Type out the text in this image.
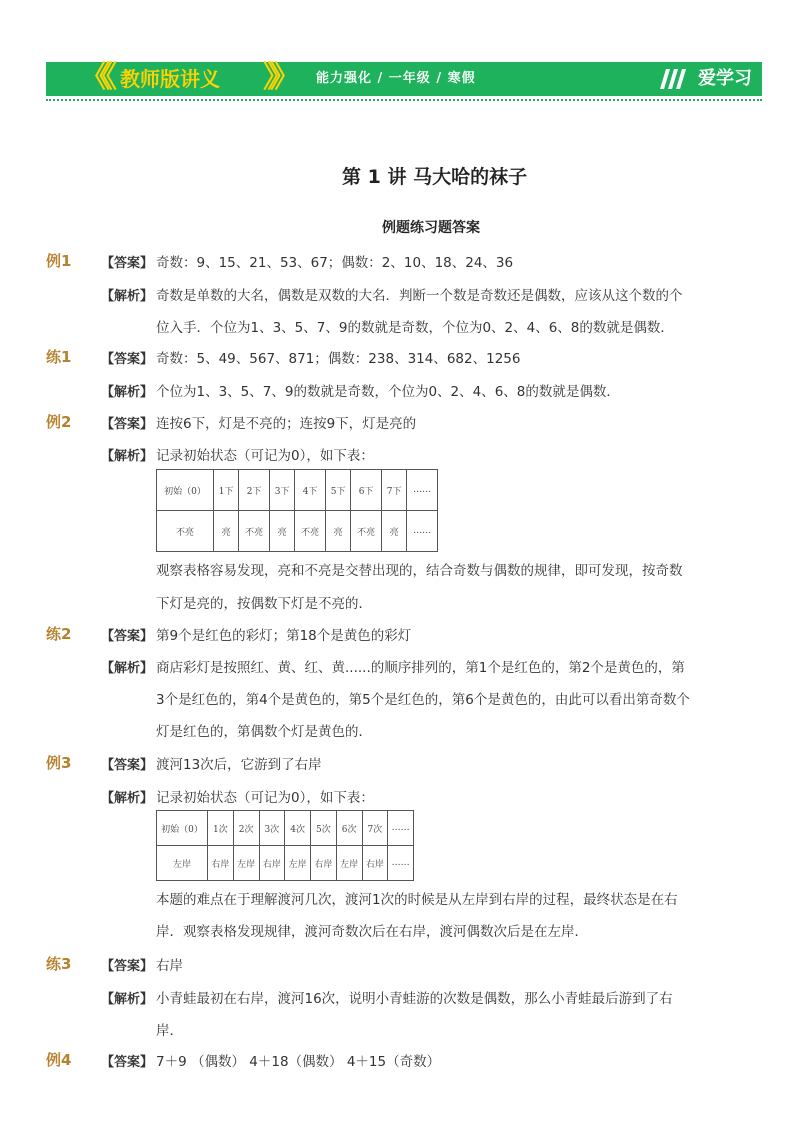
《《 教师版讲义 》》 能力强化 / 一年级 / 寒假	爱学习
第 1 讲 马大哈的袜子
例题练习题答案
例1 【答案】 奇数：9、15、21、53、67；偶数：2、10、18、24、36
【解析】 奇数是单数的大名，偶数是双数的大名．判断一个数是奇数还是偶数，应该从这个数的个
位入手．个位为1、3、5、7、9的数就是奇数，个位为0、2、4、6、8的数就是偶数．
练1 【答案】 奇数：5、49、567、871；偶数：238、314、682、1256
【解析】 个位为1、3、5、7、9的数就是奇数，个位为0、2、4、6、8的数就是偶数．
例2 【答案】 连按6下，灯是不亮的；连按9下，灯是亮的
【解析】 记录初始状态（可记为0），如下表：
初始（0）	1下	2下	3下	4下	5下	6下	7下	……
不亮	亮	不亮	亮	不亮	亮	不亮	亮	……
观察表格容易发现，亮和不亮是交替出现的，结合奇数与偶数的规律，即可发现，按奇数
下灯是亮的，按偶数下灯是不亮的．
练2 【答案】 第9个是红色的彩灯；第18个是黄色的彩灯
【解析】 商店彩灯是按照红、黄、红、黄......的顺序排列的，第1个是红色的，第2个是黄色的，第
3个是红色的，第4个是黄色的，第5个是红色的，第6个是黄色的，由此可以看出第奇数个
灯是红色的，第偶数个灯是黄色的．
例3 【答案】 渡河13次后，它游到了右岸
【解析】 记录初始状态（可记为0），如下表：
初始（0）	1次	2次	3次	4次	5次	6次	7次	……
左岸	右岸	左岸	右岸	左岸	右岸	左岸	右岸	……
本题的难点在于理解渡河几次，渡河1次的时候是从左岸到右岸的过程，最终状态是在右
岸．观察表格发现规律，渡河奇数次后在右岸，渡河偶数次后是在左岸．
练3 【答案】 右岸
【解析】 小青蛙最初在右岸，渡河16次，说明小青蛙游的次数是偶数，那么小青蛙最后游到了右
岸．
例4 【答案】 7＋9 （偶数） 4＋18（偶数） 4＋15（奇数）
